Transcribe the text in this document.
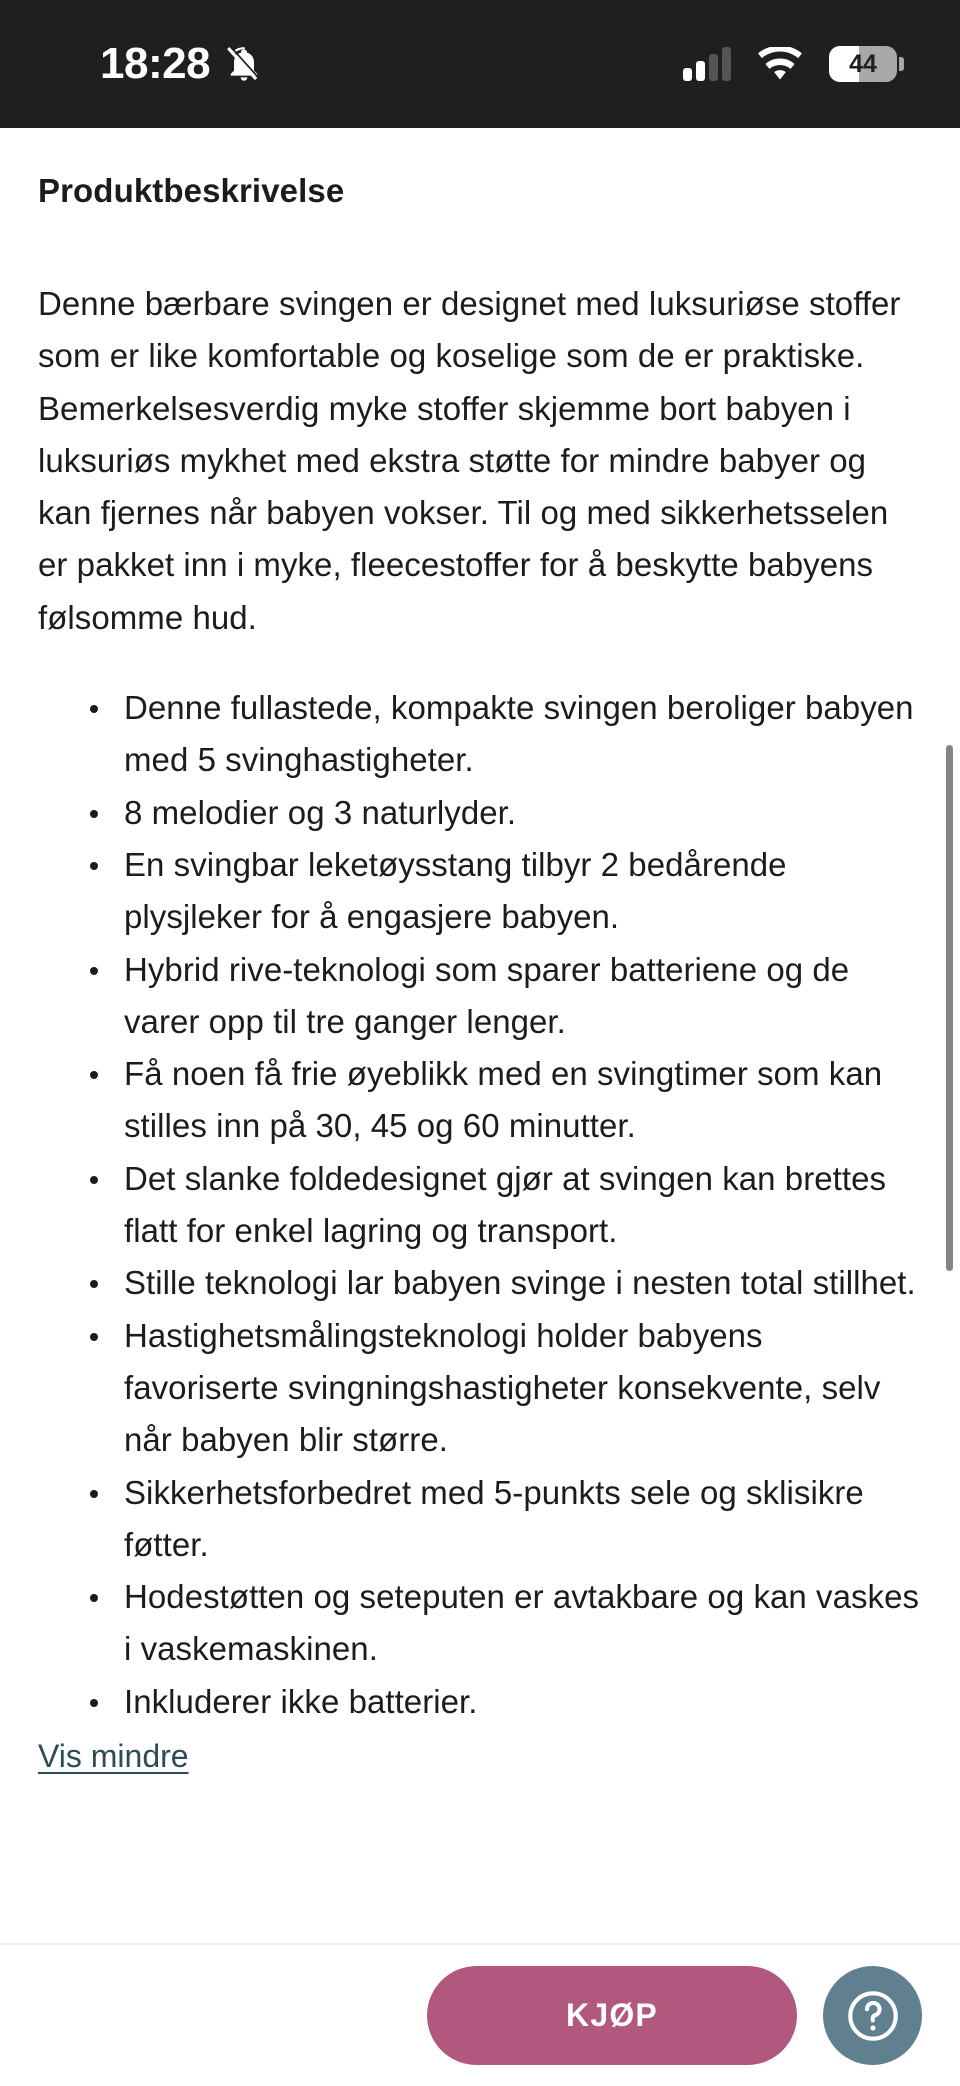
18:28	44
Produktbeskrivelse

Denne bærbare svingen er designet med luksuriøse stoffer som er like komfortable og koselige som de er praktiske. Bemerkelsesverdig myke stoffer skjemme bort babyen i luksuriøs mykhet med ekstra støtte for mindre babyer og kan fjernes når babyen vokser. Til og med sikkerhetsselen er pakket inn i myke, fleecestoffer for å beskytte babyens følsomme hud.

Denne fullastede, kompakte svingen beroliger babyen med 5 svinghastigheter.
8 melodier og 3 naturlyder.
En svingbar leketøysstang tilbyr 2 bedårende plysjleker for å engasjere babyen.
Hybrid rive-teknologi som sparer batteriene og de varer opp til tre ganger lenger.
Få noen få frie øyeblikk med en svingtimer som kan stilles inn på 30, 45 og 60 minutter.
Det slanke foldedesignet gjør at svingen kan brettes flatt for enkel lagring og transport.
Stille teknologi lar babyen svinge i nesten total stillhet.
Hastighetsmålingsteknologi holder babyens favoriserte svingningshastigheter konsekvente, selv når babyen blir større.
Sikkerhetsforbedret med 5-punkts sele og sklisikre føtter.
Hodestøtten og seteputen er avtakbare og kan vaskes i vaskemaskinen.
Inkluderer ikke batterier.
Vis mindre
KJØP
